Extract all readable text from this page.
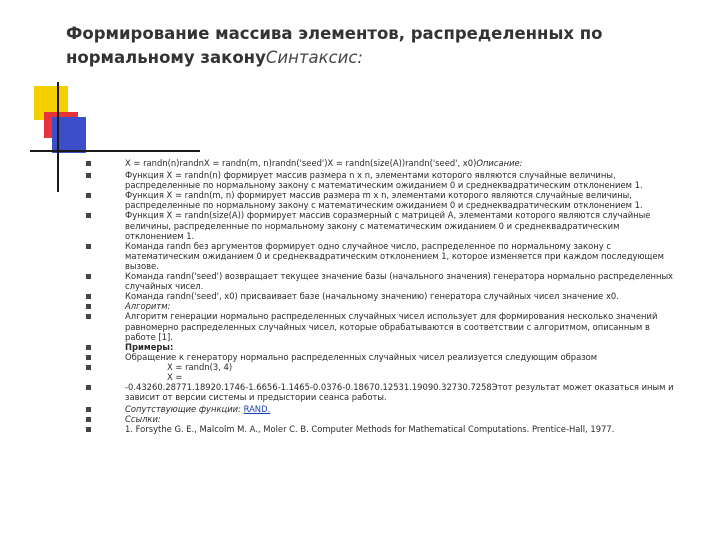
Формирование массива элементов, распределенных по нормальному законуСинтаксис:
X = randn(n)randnX = randn(m, n)randn('seed')X = randn(size(A))randn('seed', x0)Описание:
Функция X = randn(n) формирует массив размера n x n, элементами которого являются случайные величины, распределенные по нормальному закону с математическим ожиданием 0 и среднеквадратическим отклонением 1.
Функция X = randn(m, n) формирует массив размера m x n, элементами которого являются случайные величины, распределенные по нормальному закону с математическим ожиданием 0 и среднеквадратическим отклонением 1.
Функция X = randn(size(A)) формирует массив соразмерный с матрицей A, элементами которого являются случайные величины, распределенные по нормальному закону с математическим ожиданием 0 и среднеквадратическим отклонением 1.
Команда randn без аргументов формирует одно случайное число, распределенное по нормальному закону с математическим ожиданием 0 и среднеквадратическим отклонением 1, которое изменяется при каждом последующем вызове.
Команда randn('seed') возвращает текущее значение базы (начального значения) генератора нормально распределенных случайных чисел.
Команда randn('seed', x0) присваивает базе (начальному значению) генератора случайных чисел значение x0.
Алгоритм:
Алгоритм генерации нормально распределенных случайных чисел использует для формирования несколько значений равномерно распределенных случайных чисел, которые обрабатываются в соответствии с алгоритмом, описанным в работе [1].
Примеры:
Обращение к генератору нормально распределенных случайных чисел реализуется следующим образом
X = randn(3, 4)
X =
-0.43260.28771.18920.1746-1.6656-1.1465-0.0376-0.18670.12531.19090.32730.7258Этот результат может оказаться иным и зависит от версии системы и предыстории сеанса работы.
Сопутствующие функции: RAND.
Ссылки:
1. Forsythe G. E., Malcolm M. A., Moler C. B. Computer Methods for Mathematical Computations. Prentice-Hall, 1977.
